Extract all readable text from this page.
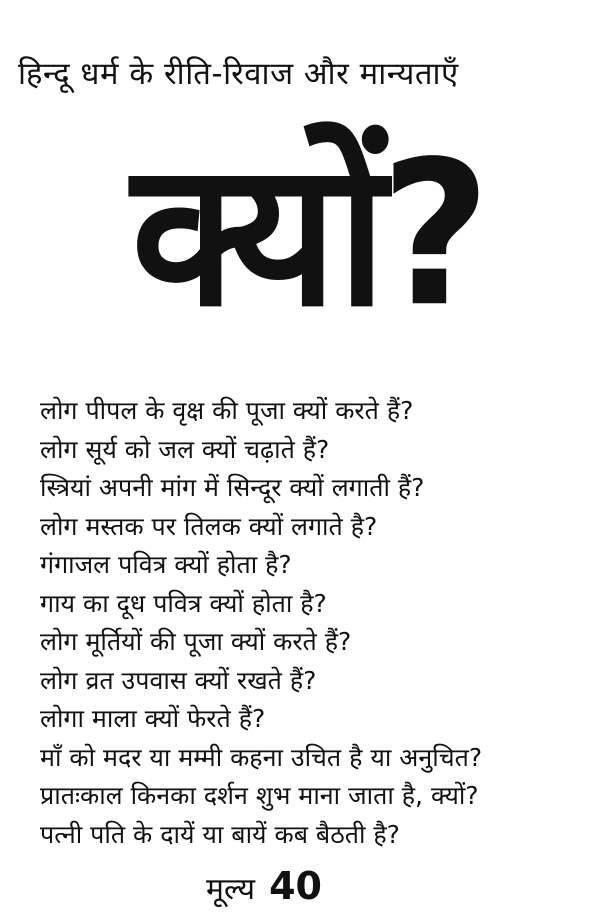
हिन्दू धर्म के रीति-रिवाज और मान्यताएँ
क्यों?
लोग पीपल के वृक्ष की पूजा क्यों करते हैं?
लोग सूर्य को जल क्यों चढ़ाते हैं?
स्त्रियां अपनी मांग में सिन्दूर क्यों लगाती हैं?
लोग मस्तक पर तिलक क्यों लगाते है?
गंगाजल पवित्र क्यों होता है?
गाय का दूध पवित्र क्यों होता है?
लोग मूर्तियों की पूजा क्यों करते हैं?
लोग व्रत उपवास क्यों रखते हैं?
लोगा माला क्यों फेरते हैं?
माँ को मदर या मम्मी कहना उचित है या अनुचित?
प्रातःकाल किनका दर्शन शुभ माना जाता है, क्यों?
पत्नी पति के दायें या बायें कब बैठती है?
मूल्य 40
